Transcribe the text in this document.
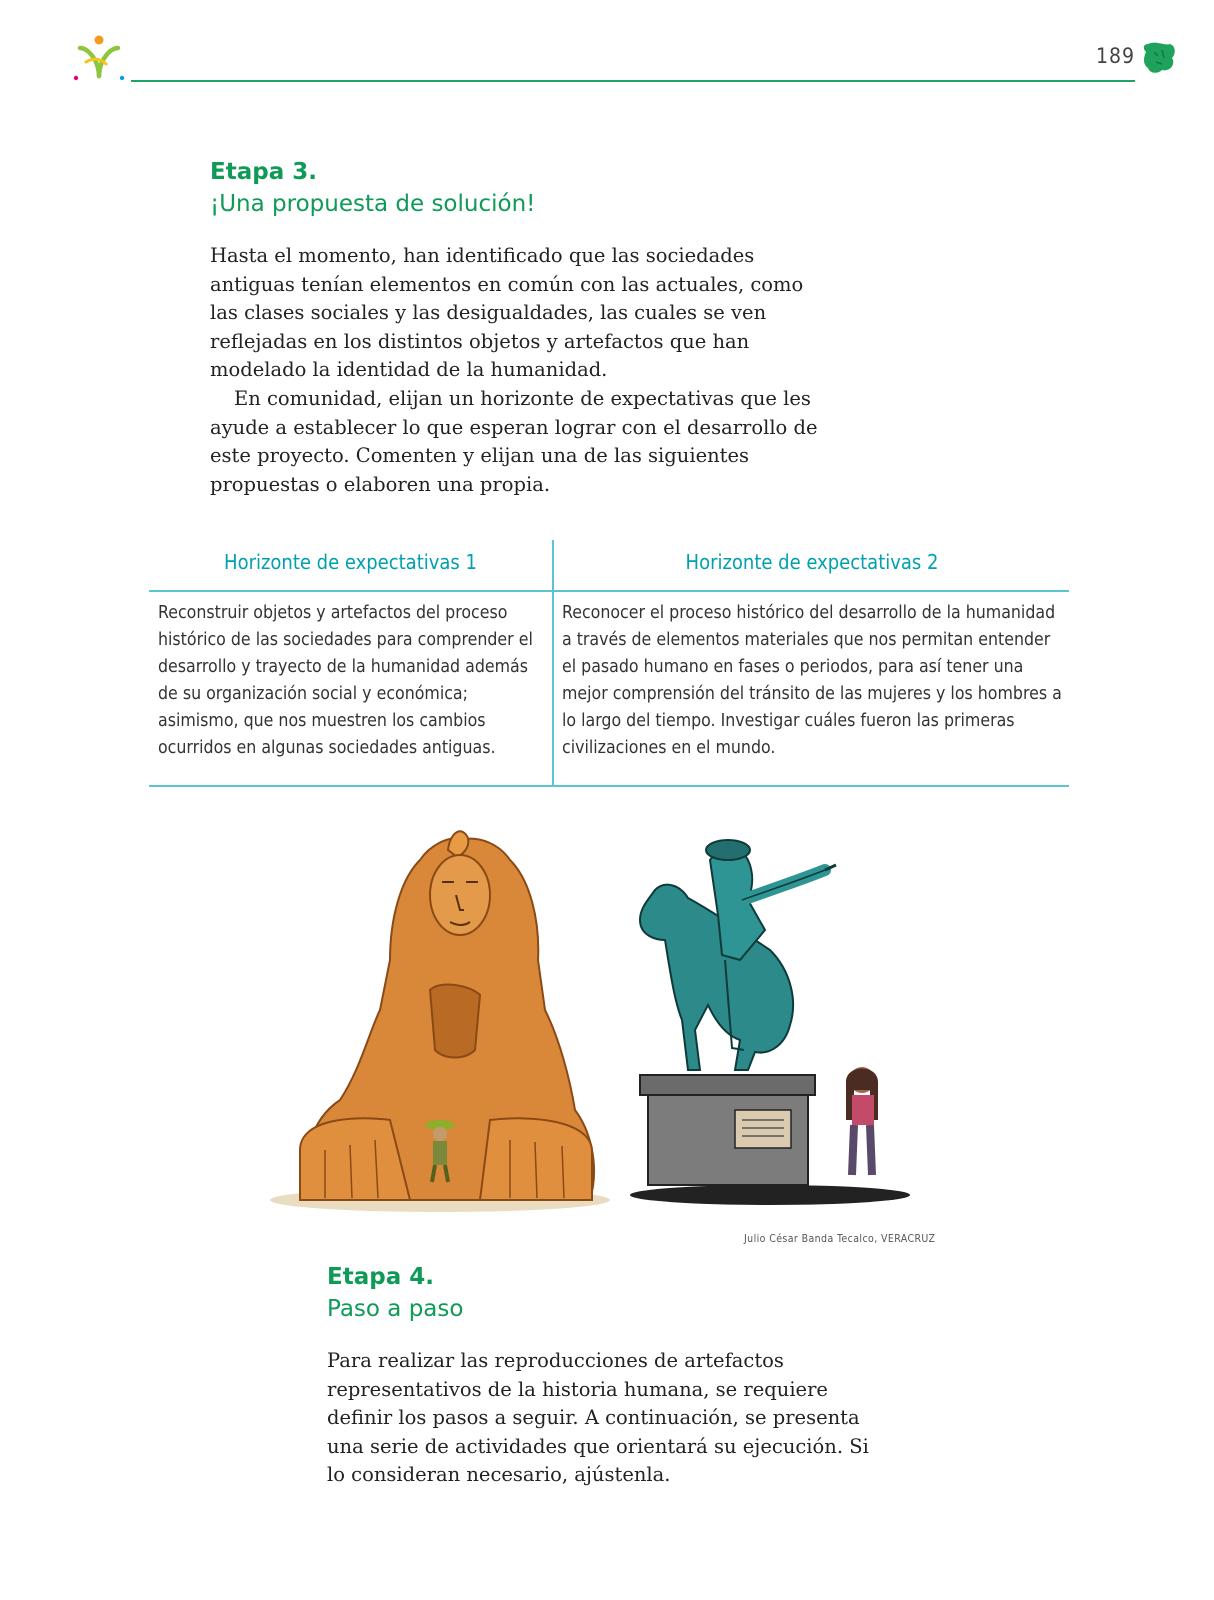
189
Etapa 3.
¡Una propuesta de solución!

Hasta el momento, han identificado que las sociedades antiguas tenían elementos en común con las actuales, como las clases sociales y las desigualdades, las cuales se ven reflejadas en los distintos objetos y artefactos que han modelado la identidad de la humanidad.

En comunidad, elijan un horizonte de expectativas que les ayude a establecer lo que esperan lograr con el desarrollo de este proyecto. Comenten y elijan una de las siguientes propuestas o elaboren una propia.

Horizonte de expectativas 1	Horizonte de expectativas 2
Reconstruir objetos y artefactos del proceso histórico de las sociedades para comprender el desarrollo y trayecto de la humanidad además de su organización social y económica; asimismo, que nos muestren los cambios ocurridos en algunas sociedades antiguas.
Reconocer el proceso histórico del desarrollo de la humanidad a través de elementos materiales que nos permitan entender el pasado humano en fases o periodos, para así tener una mejor comprensión del tránsito de las mujeres y los hombres a lo largo del tiempo. Investigar cuáles fueron las primeras civilizaciones en el mundo.
Julio César Banda Tecalco, VERACRUZ
Etapa 4.
Paso a paso

Para realizar las reproducciones de artefactos representativos de la historia humana, se requiere definir los pasos a seguir. A continuación, se presenta una serie de actividades que orientará su ejecución. Si lo consideran necesario, ajústenla.
